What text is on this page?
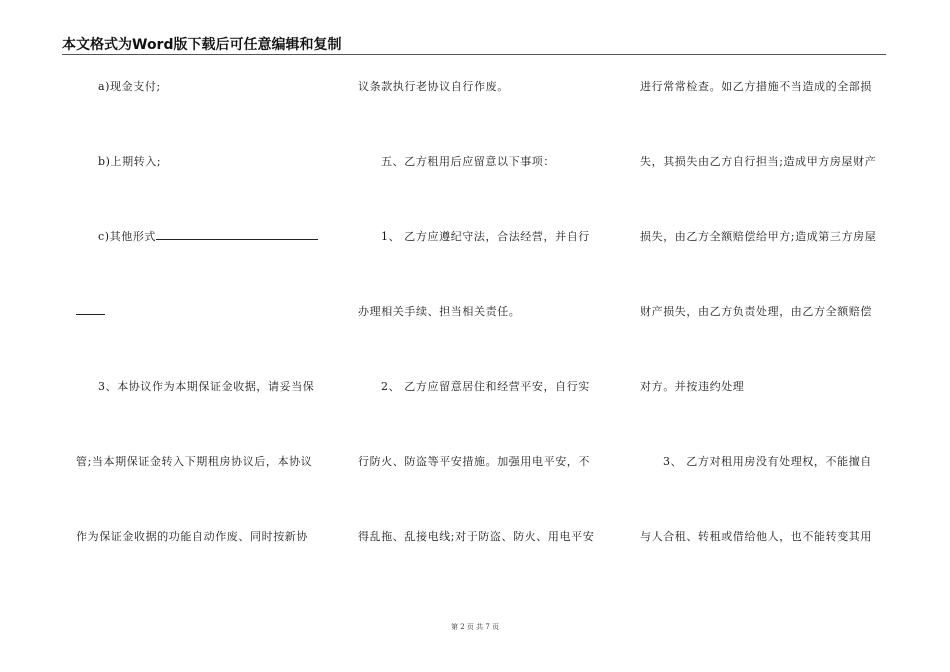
本文格式为Word版下载后可任意编辑和复制
a)现金支付;
b)上期转入;
c)其他形式
3、本协议作为本期保证金收据，请妥当保
管;当本期保证金转入下期租房协议后，本协议
作为保证金收据的功能自动作废、同时按新协
议条款执行老协议自行作废。
五、乙方租用后应留意以下事项：
1、 乙方应遵纪守法，合法经营，并自行
办理相关手续、担当相关责任。
2、 乙方应留意居住和经营平安，自行实
行防火、防盗等平安措施。加强用电平安，不
得乱拖、乱接电线;对于防盗、防火、用电平安
进行常常检查。如乙方措施不当造成的全部损
失，其损失由乙方自行担当;造成甲方房屋财产
损失，由乙方全额赔偿给甲方;造成第三方房屋
财产损失，由乙方负责处理，由乙方全额赔偿
对方。并按违约处理
3、 乙方对租用房没有处理权，不能擅自
与人合租、转租或借给他人，也不能转变其用
第 2 页 共 7 页
